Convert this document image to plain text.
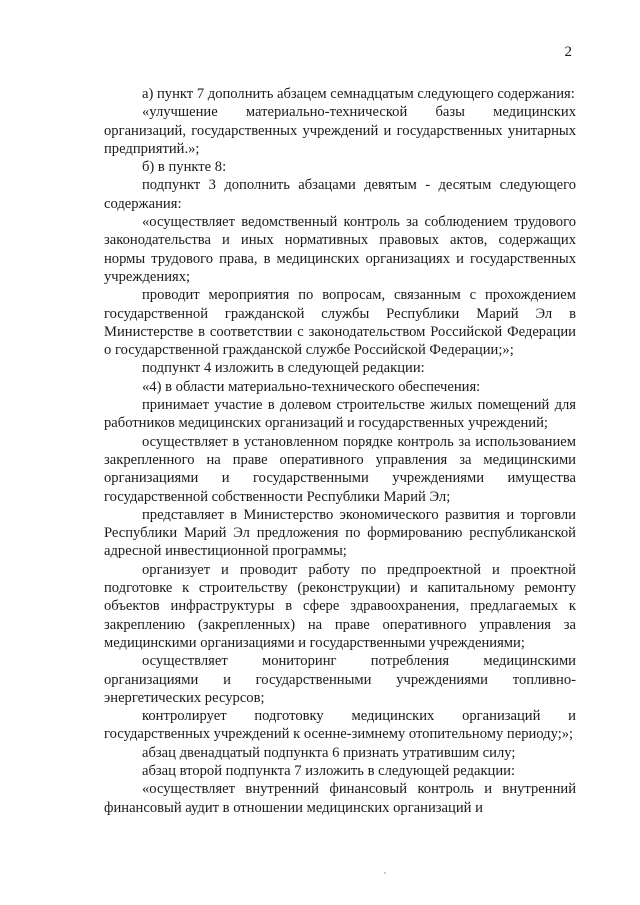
2

а) пункт 7 дополнить абзацем семнадцатым следующего содержания:

«улучшение материально-технической базы медицинских организаций, государственных учреждений и государственных унитарных предприятий.»;

б) в пункте 8:

подпункт 3 дополнить абзацами девятым - десятым следующего содержания:

«осуществляет ведомственный контроль за соблюдением трудового законодательства и иных нормативных правовых актов, содержащих нормы трудового права, в медицинских организациях и государственных учреждениях;

проводит мероприятия по вопросам, связанным с прохождением государственной гражданской службы Республики Марий Эл в Министерстве в соответствии с законодательством Российской Федерации о государственной гражданской службе Российской Федерации;»;

подпункт 4 изложить в следующей редакции:

«4) в области материально-технического обеспечения:

принимает участие в долевом строительстве жилых помещений для работников медицинских организаций и государственных учреждений;

осуществляет в установленном порядке контроль за использованием закрепленного на праве оперативного управления за медицинскими организациями и государственными учреждениями имущества государственной собственности Республики Марий Эл;

представляет в Министерство экономического развития и торговли Республики Марий Эл предложения по формированию республиканской адресной инвестиционной программы;

организует и проводит работу по предпроектной и проектной подготовке к строительству (реконструкции) и капитальному ремонту объектов инфраструктуры в сфере здравоохранения, предлагаемых к закреплению (закрепленных) на праве оперативного управления за медицинскими организациями и государственными учреждениями;

осуществляет мониторинг потребления медицинскими организациями и государственными учреждениями топливно-энергетических ресурсов;

контролирует подготовку медицинских организаций и государственных учреждений к осенне-зимнему отопительному периоду;»;

абзац двенадцатый подпункта 6 признать утратившим силу;

абзац второй подпункта 7 изложить в следующей редакции:

«осуществляет внутренний финансовый контроль и внутренний финансовый аудит в отношении медицинских организаций и
